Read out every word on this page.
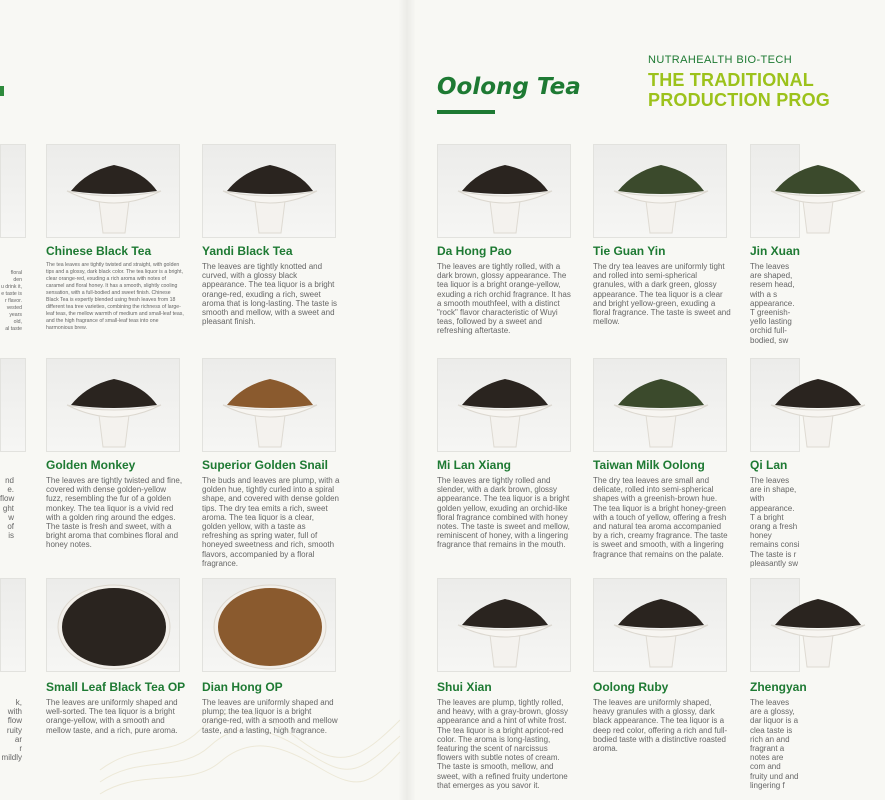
Oolong Tea
NUTRAHEALTH BIO-TECH
THE TRADITIONAL
PRODUCTION PROG
floral
den
u drink it,
e taste is
r flavor.
vested
years old,
al taste
nd
e.
flow
ght
w
of
is
k, with
flow
ruity
ar
r
mildly
Chinese Black Tea

The tea leaves are tightly twisted and straight, with golden tips and a glossy, dark black color. The tea liquor is a bright, clear orange-red, exuding a rich aroma with notes of caramel and floral honey. It has a smooth, slightly cooling sensation, with a full-bodied and sweet finish. Chinese Black Tea is expertly blended using fresh leaves from 18 different tea tree varieties, combining the richness of large-leaf teas, the mellow warmth of medium and small-leaf teas, and the high fragrance of small-leaf teas into one harmonious brew.

Yandi Black Tea

The leaves are tightly knotted and curved, with a glossy black appearance. The tea liquor is a bright orange-red, exuding a rich, sweet aroma that is long-lasting. The taste is smooth and mellow, with a sweet and pleasant finish.

Da Hong Pao

The leaves are tightly rolled, with a dark brown, glossy appearance. The tea liquor is a bright orange-yellow, exuding a rich orchid fragrance. It has a smooth mouthfeel, with a distinct "rock" flavor characteristic of Wuyi teas, followed by a sweet and refreshing aftertaste.

Tie Guan Yin

The dry tea leaves are uniformly tight and rolled into semi-spherical granules, with a dark green, glossy appearance. The tea liquor is a clear and bright yellow-green, exuding a floral fragrance. The taste is sweet and mellow.

Jin Xuan

The leaves are shaped, resem head, with a s appearance. T greenish-yello lasting orchid full-bodied, sw

Golden Monkey

The leaves are tightly twisted and fine, covered with dense golden-yellow fuzz, resembling the fur of a golden monkey. The tea liquor is a vivid red with a golden ring around the edges. The taste is fresh and sweet, with a bright aroma that combines floral and honey notes.

Superior Golden Snail

The buds and leaves are plump, with a golden hue, tightly curled into a spiral shape, and covered with dense golden tips. The dry tea emits a rich, sweet aroma. The tea liquor is a clear, golden yellow, with a taste as refreshing as spring water, full of honeyed sweetness and rich, smooth flavors, accompanied by a floral fragrance.

Mi Lan Xiang

The leaves are tightly rolled and slender, with a dark brown, glossy appearance. The tea liquor is a bright golden yellow, exuding an orchid-like floral fragrance combined with honey notes. The taste is sweet and mellow, reminiscent of honey, with a lingering fragrance that remains in the mouth.

Taiwan Milk Oolong

The dry tea leaves are small and delicate, rolled into semi-spherical shapes with a greenish-brown hue. The tea liquor is a bright honey-green with a touch of yellow, offering a fresh and natural tea aroma accompanied by a rich, creamy fragrance. The taste is sweet and smooth, with a lingering fragrance that remains on the palate.

Qi Lan

The leaves are in shape, with appearance. T a bright orang a fresh honey remains consi The taste is r pleasantly sw

Small Leaf Black Tea OP

The leaves are uniformly shaped and well-sorted. The tea liquor is a bright orange-yellow, with a smooth and mellow taste, and a rich, pure aroma.

Dian Hong OP

The leaves are uniformly shaped and plump; the tea liquor is a bright orange-red, with a smooth and mellow taste, and a lasting, high fragrance.

Shui Xian

The leaves are plump, tightly rolled, and heavy, with a gray-brown, glossy appearance and a hint of white frost. The tea liquor is a bright apricot-red color. The aroma is long-lasting, featuring the scent of narcissus flowers with subtle notes of cream. The taste is smooth, mellow, and sweet, with a refined fruity undertone that emerges as you savor it.

Oolong Ruby

The leaves are uniformly shaped, heavy granules with a glossy, dark black appearance. The tea liquor is a deep red color, offering a rich and full-bodied taste with a distinctive roasted aroma.

Zhengyan

The leaves are a glossy, dar liquor is a clea taste is rich an and fragrant a notes are com and fruity und and lingering f
